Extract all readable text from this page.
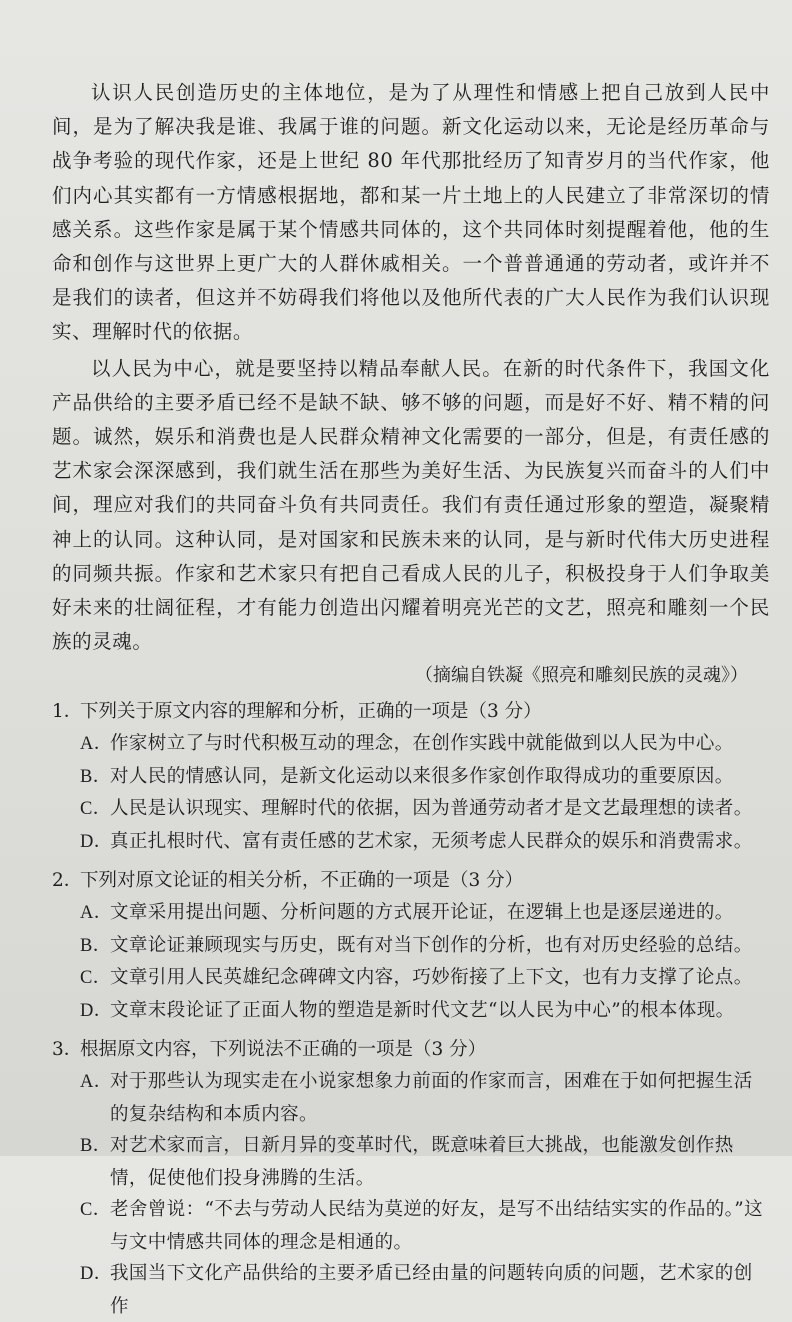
认识人民创造历史的主体地位，是为了从理性和情感上把自己放到人民中间，是为了解决我是谁、我属于谁的问题。新文化运动以来，无论是经历革命与战争考验的现代作家，还是上世纪 80 年代那批经历了知青岁月的当代作家，他们内心其实都有一方情感根据地，都和某一片土地上的人民建立了非常深切的情感关系。这些作家是属于某个情感共同体的，这个共同体时刻提醒着他，他的生命和创作与这世界上更广大的人群休戚相关。一个普普通通的劳动者，或许并不是我们的读者，但这并不妨碍我们将他以及他所代表的广大人民作为我们认识现实、理解时代的依据。

以人民为中心，就是要坚持以精品奉献人民。在新的时代条件下，我国文化产品供给的主要矛盾已经不是缺不缺、够不够的问题，而是好不好、精不精的问题。诚然，娱乐和消费也是人民群众精神文化需要的一部分，但是，有责任感的艺术家会深深感到，我们就生活在那些为美好生活、为民族复兴而奋斗的人们中间，理应对我们的共同奋斗负有共同责任。我们有责任通过形象的塑造，凝聚精神上的认同。这种认同，是对国家和民族未来的认同，是与新时代伟大历史进程的同频共振。作家和艺术家只有把自己看成人民的儿子，积极投身于人们争取美好未来的壮阔征程，才有能力创造出闪耀着明亮光芒的文艺，照亮和雕刻一个民族的灵魂。

（摘编自铁凝《照亮和雕刻民族的灵魂》）

1．下列关于原文内容的理解和分析，正确的一项是（3 分）

A．作家树立了与时代积极互动的理念，在创作实践中就能做到以人民为中心。

B．对人民的情感认同，是新文化运动以来很多作家创作取得成功的重要原因。

C．人民是认识现实、理解时代的依据，因为普通劳动者才是文艺最理想的读者。

D．真正扎根时代、富有责任感的艺术家，无须考虑人民群众的娱乐和消费需求。

2．下列对原文论证的相关分析，不正确的一项是（3 分）

A．文章采用提出问题、分析问题的方式展开论证，在逻辑上也是逐层递进的。

B．文章论证兼顾现实与历史，既有对当下创作的分析，也有对历史经验的总结。

C．文章引用人民英雄纪念碑碑文内容，巧妙衔接了上下文，也有力支撑了论点。

D．文章末段论证了正面人物的塑造是新时代文艺“以人民为中心”的根本体现。

3．根据原文内容，下列说法不正确的一项是（3 分）

A．对于那些认为现实走在小说家想象力前面的作家而言，困难在于如何把握生活的复杂结构和本质内容。

B．对艺术家而言，日新月异的变革时代，既意味着巨大挑战，也能激发创作热情，促使他们投身沸腾的生活。

C．老舍曾说：“不去与劳动人民结为莫逆的好友，是写不出结结实实的作品的。”这与文中情感共同体的理念是相通的。

D．我国当下文化产品供给的主要矛盾已经由量的问题转向质的问题，艺术家的创作
